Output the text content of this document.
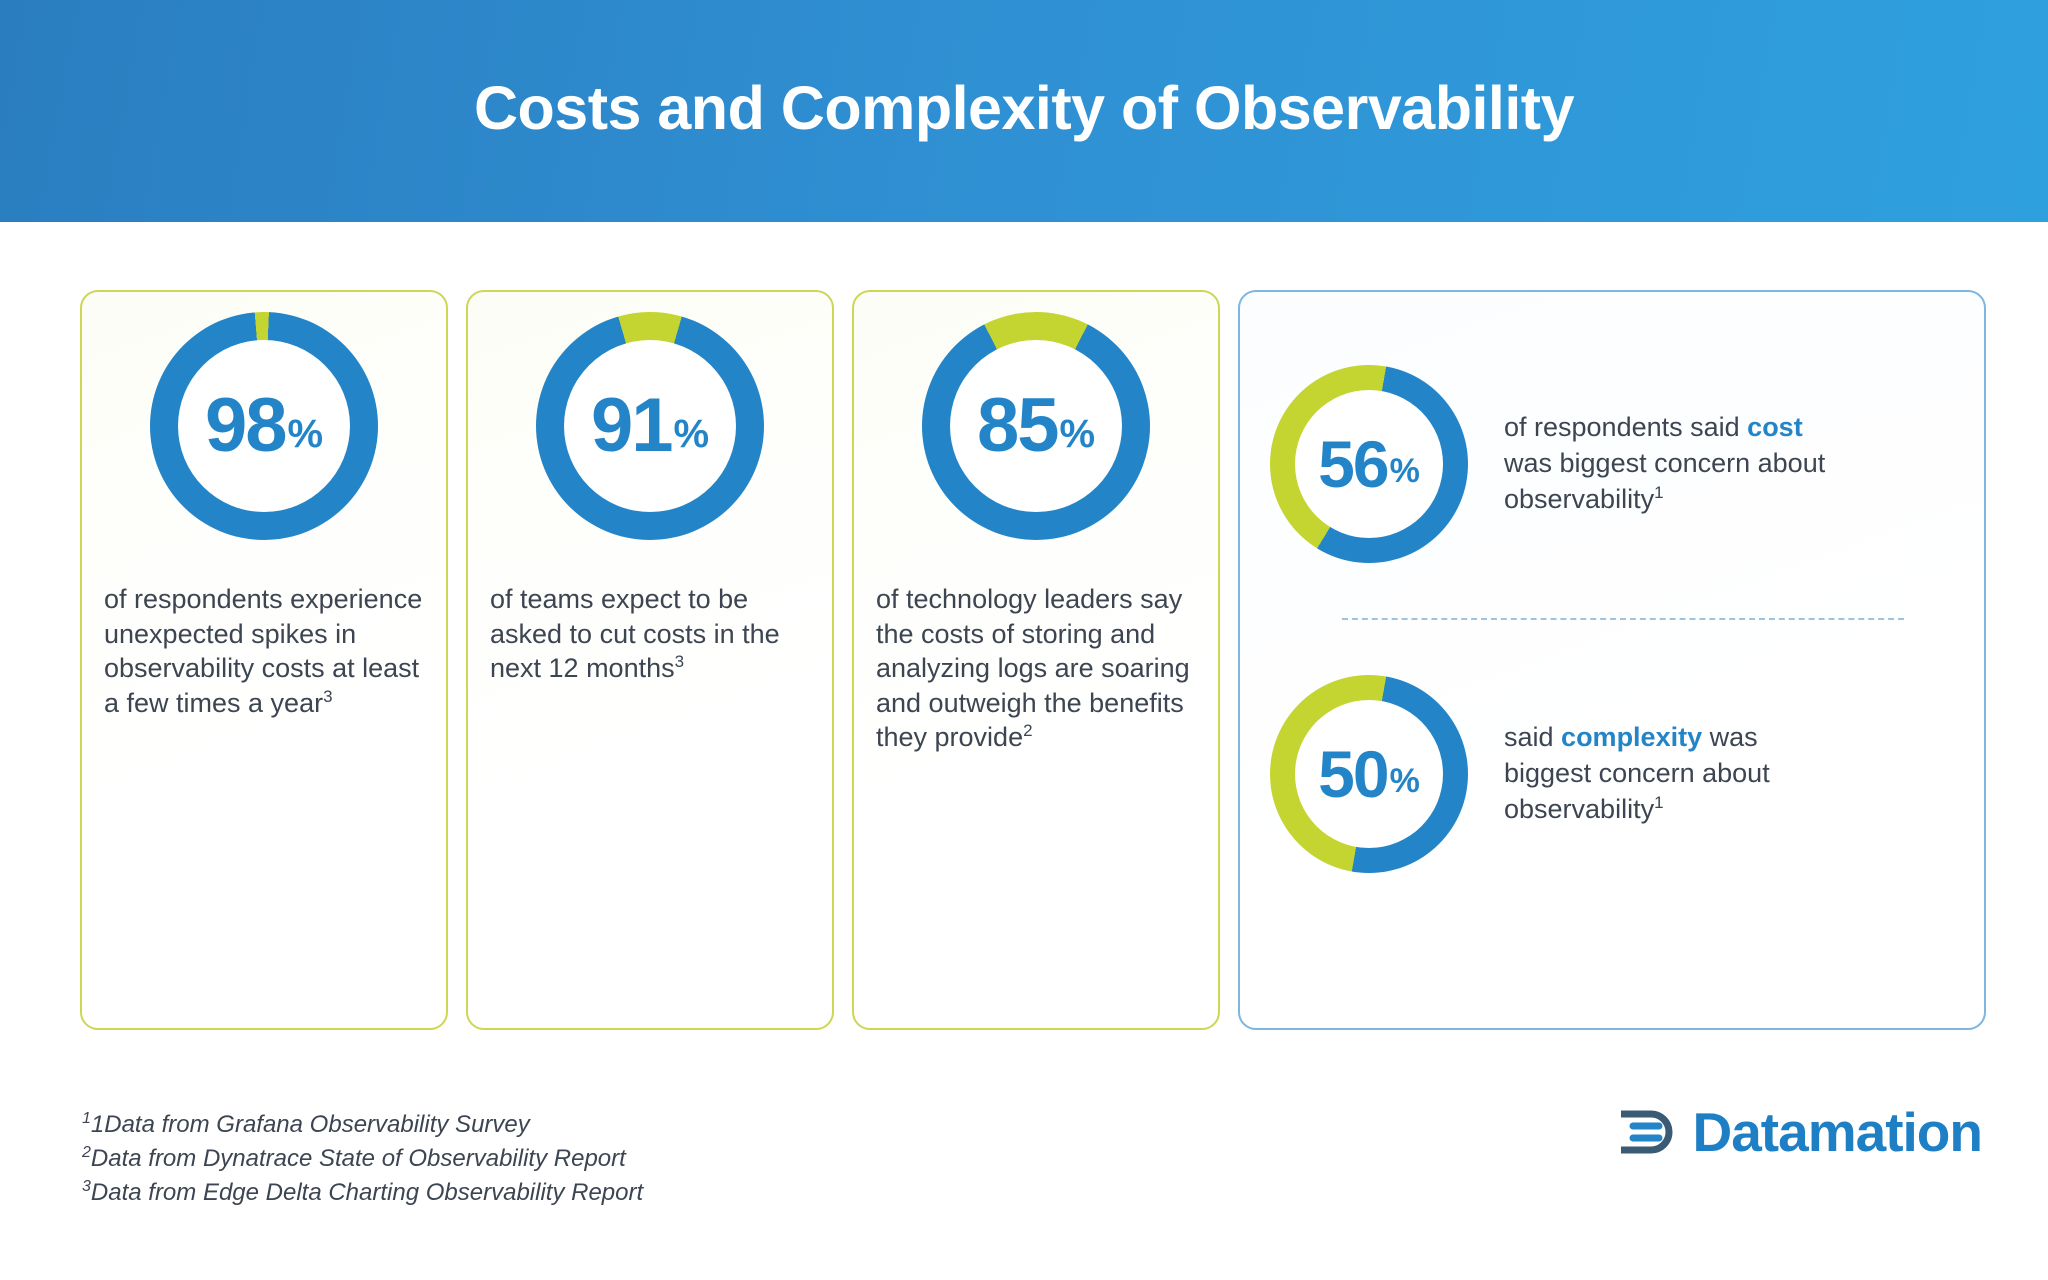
Costs and Complexity of Observability
98 %
of respondents experience unexpected spikes in observability costs at least a few times a year$^3$
91 %
of teams expect to be asked to cut costs in the next 12 months$^3$
85 %
of technology leaders say the costs of storing and analyzing logs are soaring and outweigh the benefits they provide$^2$
56 %
of respondents said cost was biggest concern about observability$^1$
50 %
said complexity was biggest concern about observability$^1$
$^1$1Data from Grafana Observability Survey
$^2$Data from Dynatrace State of Observability Report
$^3$Data from Edge Delta Charting Observability Report
Datamation
